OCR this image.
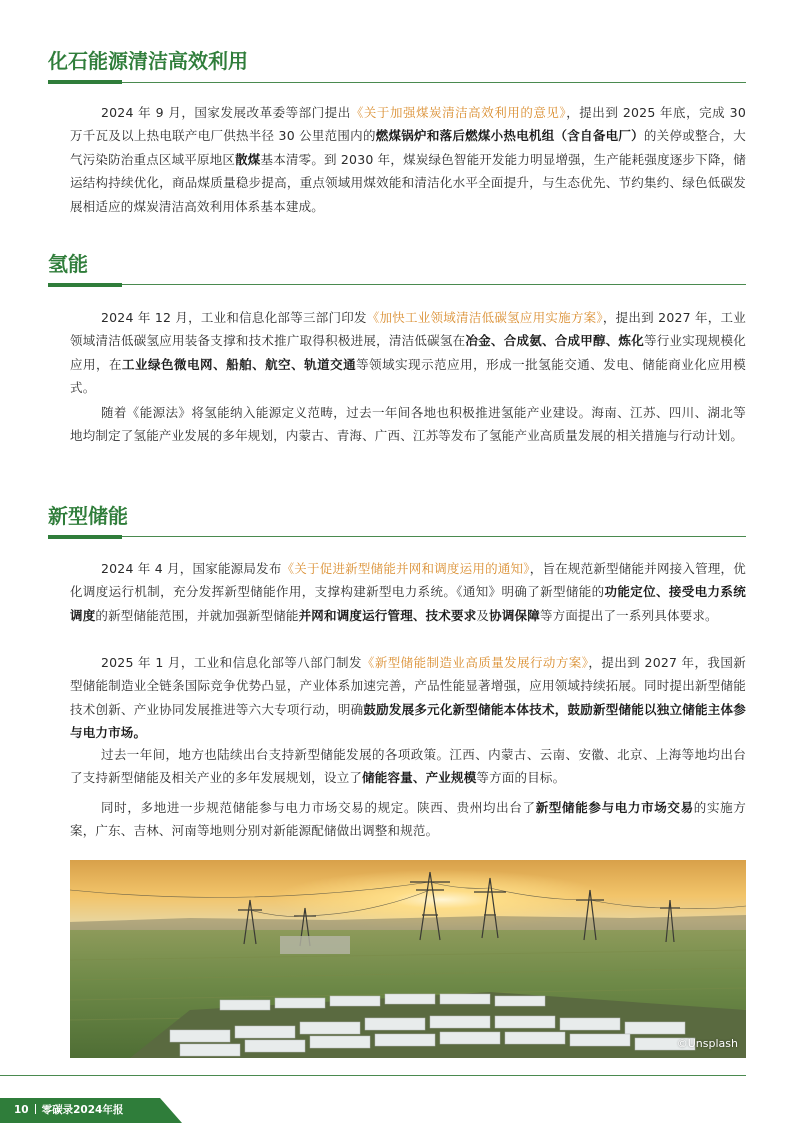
化石能源清洁高效利用

2024 年 9 月，国家发展改革委等部门提出《关于加强煤炭清洁高效利用的意见》，提出到 2025 年底，完成 30 万千瓦及以上热电联产电厂供热半径 30 公里范围内的燃煤锅炉和落后燃煤小热电机组（含自备电厂）的关停或整合，大气污染防治重点区域平原地区散煤基本清零。到 2030 年，煤炭绿色智能开发能力明显增强，生产能耗强度逐步下降，储运结构持续优化，商品煤质量稳步提高，重点领域用煤效能和清洁化水平全面提升，与生态优先、节约集约、绿色低碳发展相适应的煤炭清洁高效利用体系基本建成。

氢能

2024 年 12 月，工业和信息化部等三部门印发《加快工业领域清洁低碳氢应用实施方案》，提出到 2027 年，工业领域清洁低碳氢应用装备支撑和技术推广取得积极进展，清洁低碳氢在冶金、合成氨、合成甲醇、炼化等行业实现规模化应用，在工业绿色微电网、船舶、航空、轨道交通等领域实现示范应用，形成一批氢能交通、发电、储能商业化应用模式。

随着《能源法》将氢能纳入能源定义范畴，过去一年间各地也积极推进氢能产业建设。海南、江苏、四川、湖北等地均制定了氢能产业发展的多年规划，内蒙古、青海、广西、江苏等发布了氢能产业高质量发展的相关措施与行动计划。

新型储能

2024 年 4 月，国家能源局发布《关于促进新型储能并网和调度运用的通知》，旨在规范新型储能并网接入管理，优化调度运行机制，充分发挥新型储能作用，支撑构建新型电力系统。《通知》明确了新型储能的功能定位、接受电力系统调度的新型储能范围，并就加强新型储能并网和调度运行管理、技术要求及协调保障等方面提出了一系列具体要求。

2025 年 1 月，工业和信息化部等八部门制发《新型储能制造业高质量发展行动方案》，提出到 2027 年，我国新型储能制造业全链条国际竞争优势凸显，产业体系加速完善，产品性能显著增强，应用领域持续拓展。同时提出新型储能技术创新、产业协同发展推进等六大专项行动，明确鼓励发展多元化新型储能本体技术，鼓励新型储能以独立储能主体参与电力市场。

过去一年间，地方也陆续出台支持新型储能发展的各项政策。江西、内蒙古、云南、安徽、北京、上海等地均出台了支持新型储能及相关产业的多年发展规划，设立了储能容量、产业规模等方面的目标。

同时，多地进一步规范储能参与电力市场交易的规定。陕西、贵州均出台了新型储能参与电力市场交易的实施方案，广东、吉林、河南等地则分别对新能源配储做出调整和规范。

©Unsplash
10 零碳录2024年报
